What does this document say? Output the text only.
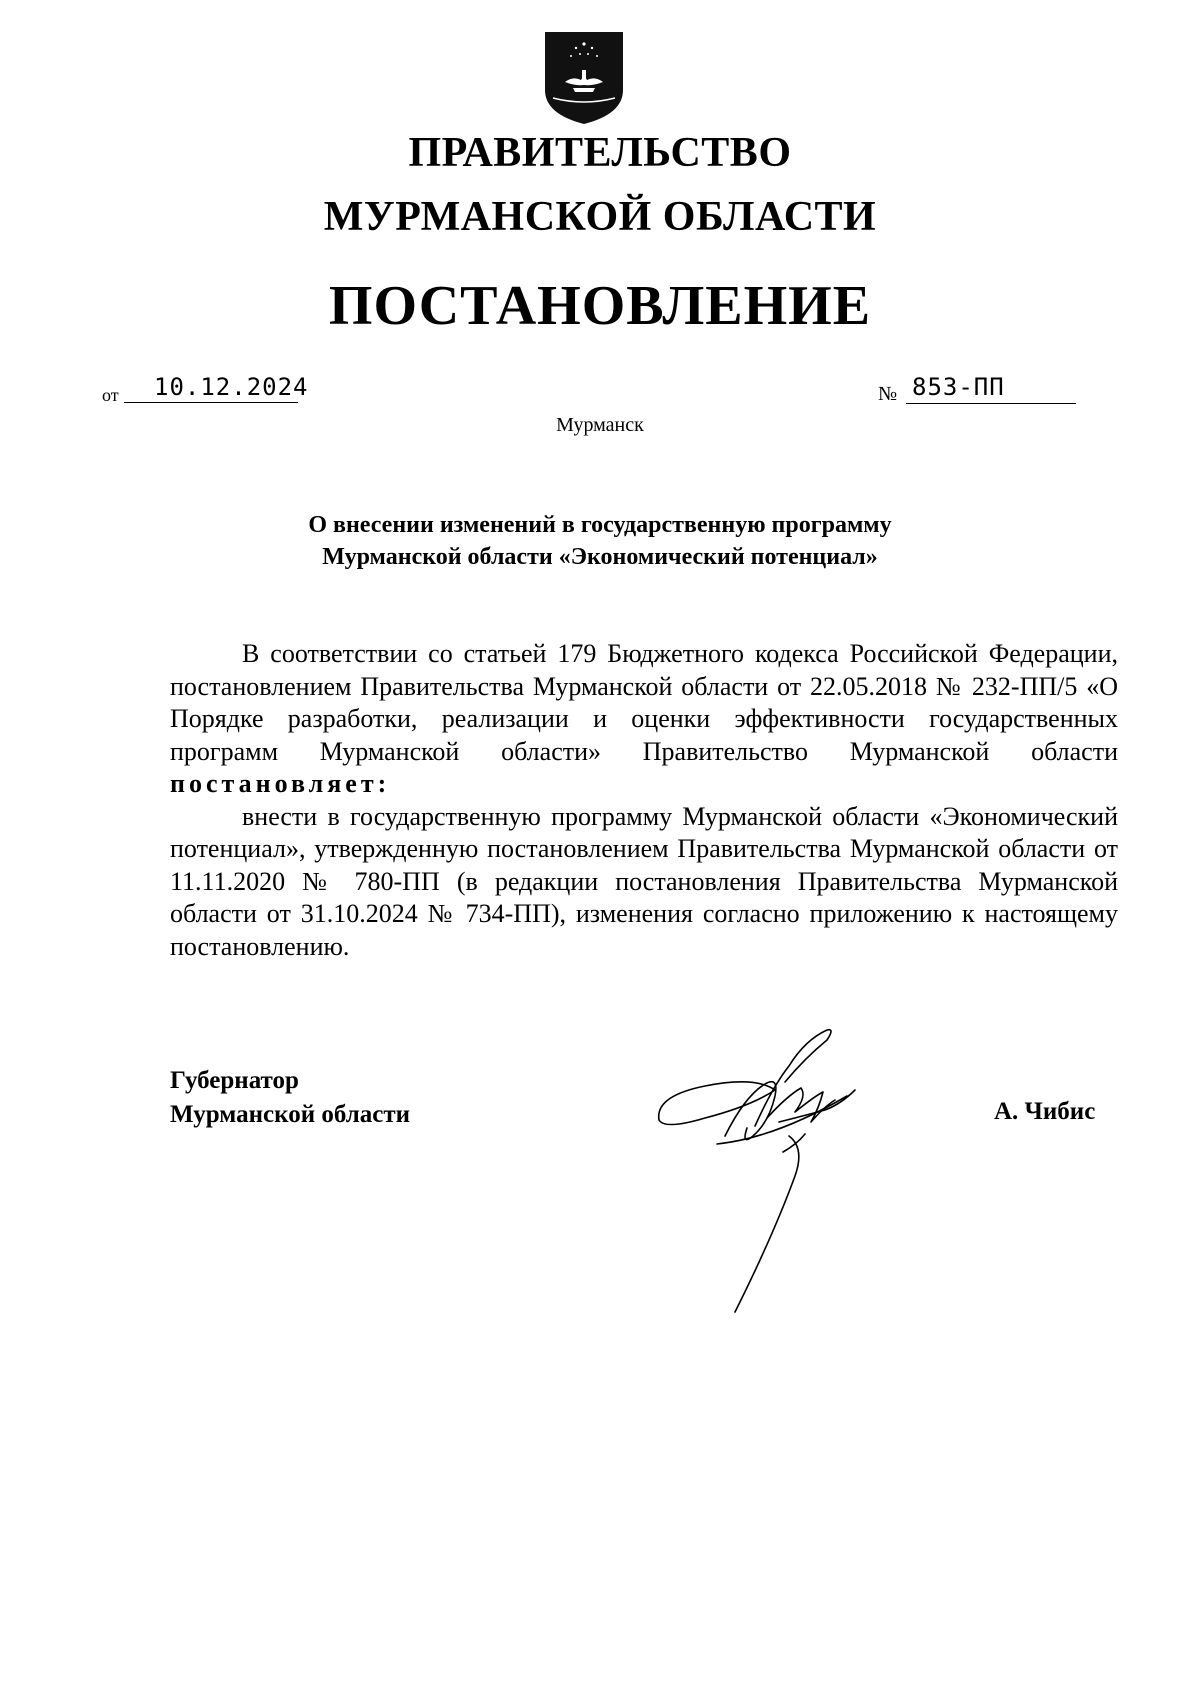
ПРАВИТЕЛЬСТВО
МУРМАНСКОЙ ОБЛАСТИ
ПОСТАНОВЛЕНИЕ
от 10.12.2024	№ 853-ПП
Мурманск
О внесении изменений в государственную программу
Мурманской области «Экономический потенциал»

В соответствии со статьей 179 Бюджетного кодекса Российской Федерации, постановлением Правительства Мурманской области от 22.05.2018 № 232-ПП/5 «О Порядке разработки, реализации и оценки эффективности государственных программ Мурманской области» Правительство Мурманской области постановляет:

внести в государственную программу Мурманской области «Экономический потенциал», утвержденную постановлением Правительства Мурманской области от 11.11.2020 № 780-ПП (в редакции постановления Правительства Мурманской области от 31.10.2024 № 734-ПП), изменения согласно приложению к настоящему постановлению.

Губернатор
Мурманской области	А. Чибис
